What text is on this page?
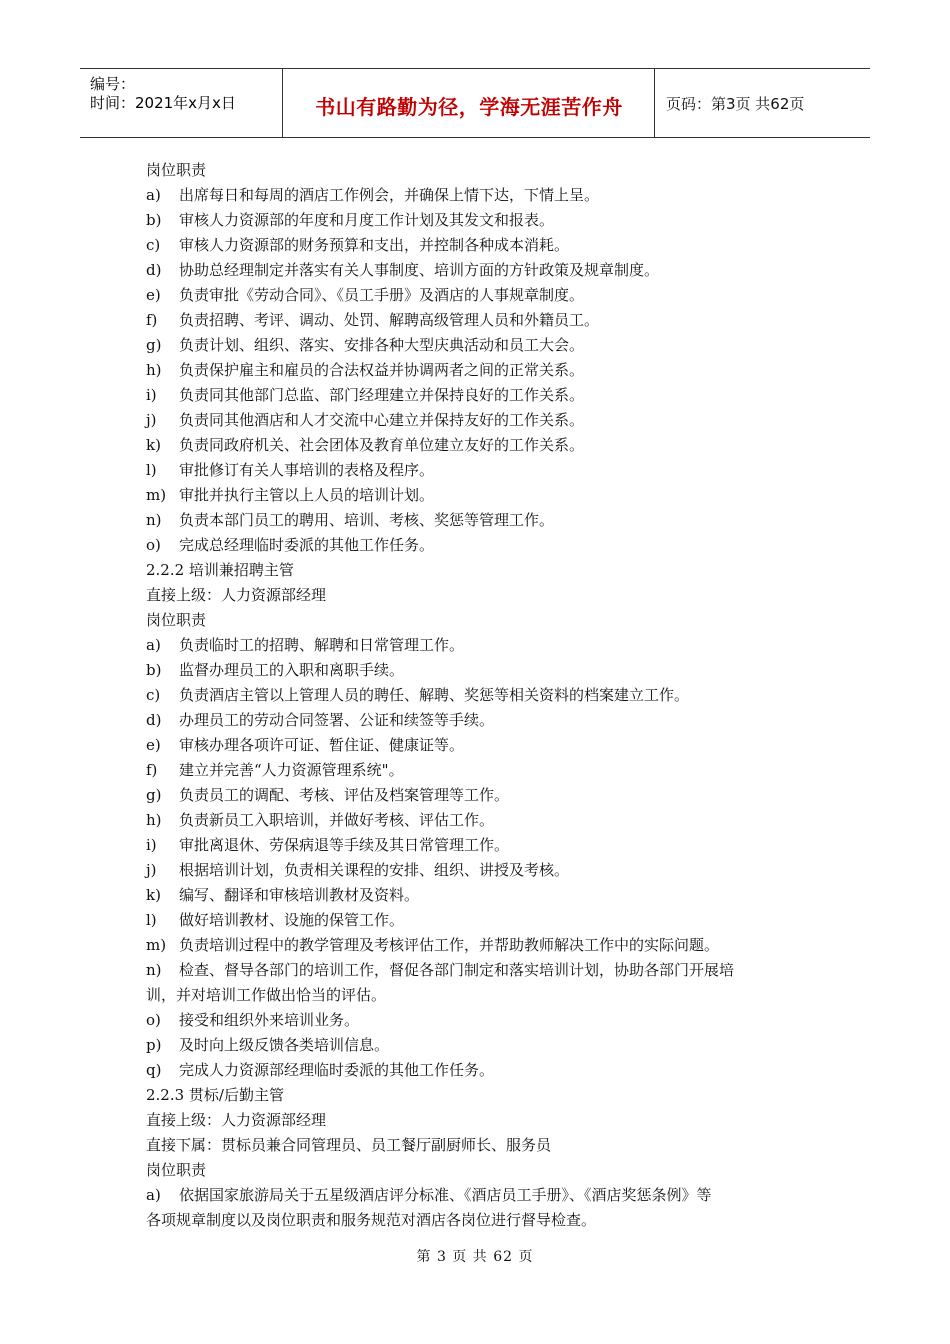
编号：
时间：2021年x月x日	书山有路勤为径，学海无涯苦作舟	页码：第3页 共62页
岗位职责
a) 出席每日和每周的酒店工作例会，并确保上情下达，下情上呈。
b) 审核人力资源部的年度和月度工作计划及其发文和报表。
c) 审核人力资源部的财务预算和支出，并控制各种成本消耗。
d) 协助总经理制定并落实有关人事制度、培训方面的方针政策及规章制度。
e) 负责审批《劳动合同》、《员工手册》及酒店的人事规章制度。
f) 负责招聘、考评、调动、处罚、解聘高级管理人员和外籍员工。
g) 负责计划、组织、落实、安排各种大型庆典活动和员工大会。
h) 负责保护雇主和雇员的合法权益并协调两者之间的正常关系。
i) 负责同其他部门总监、部门经理建立并保持良好的工作关系。
j) 负责同其他酒店和人才交流中心建立并保持友好的工作关系。
k) 负责同政府机关、社会团体及教育单位建立友好的工作关系。
l) 审批修订有关人事培训的表格及程序。
m) 审批并执行主管以上人员的培训计划。
n) 负责本部门员工的聘用、培训、考核、奖惩等管理工作。
o) 完成总经理临时委派的其他工作任务。
2.2.2 培训兼招聘主管
直接上级：人力资源部经理
岗位职责
a) 负责临时工的招聘、解聘和日常管理工作。
b) 监督办理员工的入职和离职手续。
c) 负责酒店主管以上管理人员的聘任、解聘、奖惩等相关资料的档案建立工作。
d) 办理员工的劳动合同签署、公证和续签等手续。
e) 审核办理各项许可证、暂住证、健康证等。
f) 建立并完善“人力资源管理系统"。
g) 负责员工的调配、考核、评估及档案管理等工作。
h) 负责新员工入职培训，并做好考核、评估工作。
i) 审批离退休、劳保病退等手续及其日常管理工作。
j) 根据培训计划，负责相关课程的安排、组织、讲授及考核。
k) 编写、翻译和审核培训教材及资料。
l) 做好培训教材、设施的保管工作。
m) 负责培训过程中的教学管理及考核评估工作，并帮助教师解决工作中的实际问题。
n) 检查、督导各部门的培训工作，督促各部门制定和落实培训计划，协助各部门开展培
训，并对培训工作做出恰当的评估。
o) 接受和组织外来培训业务。
p) 及时向上级反馈各类培训信息。
q) 完成人力资源部经理临时委派的其他工作任务。
2.2.3 贯标/后勤主管
直接上级：人力资源部经理
直接下属：贯标员兼合同管理员、员工餐厅副厨师长、服务员
岗位职责
a) 依据国家旅游局关于五星级酒店评分标准、《酒店员工手册》、《酒店奖惩条例》等
各项规章制度以及岗位职责和服务规范对酒店各岗位进行督导检查。
第 3 页 共 62 页
